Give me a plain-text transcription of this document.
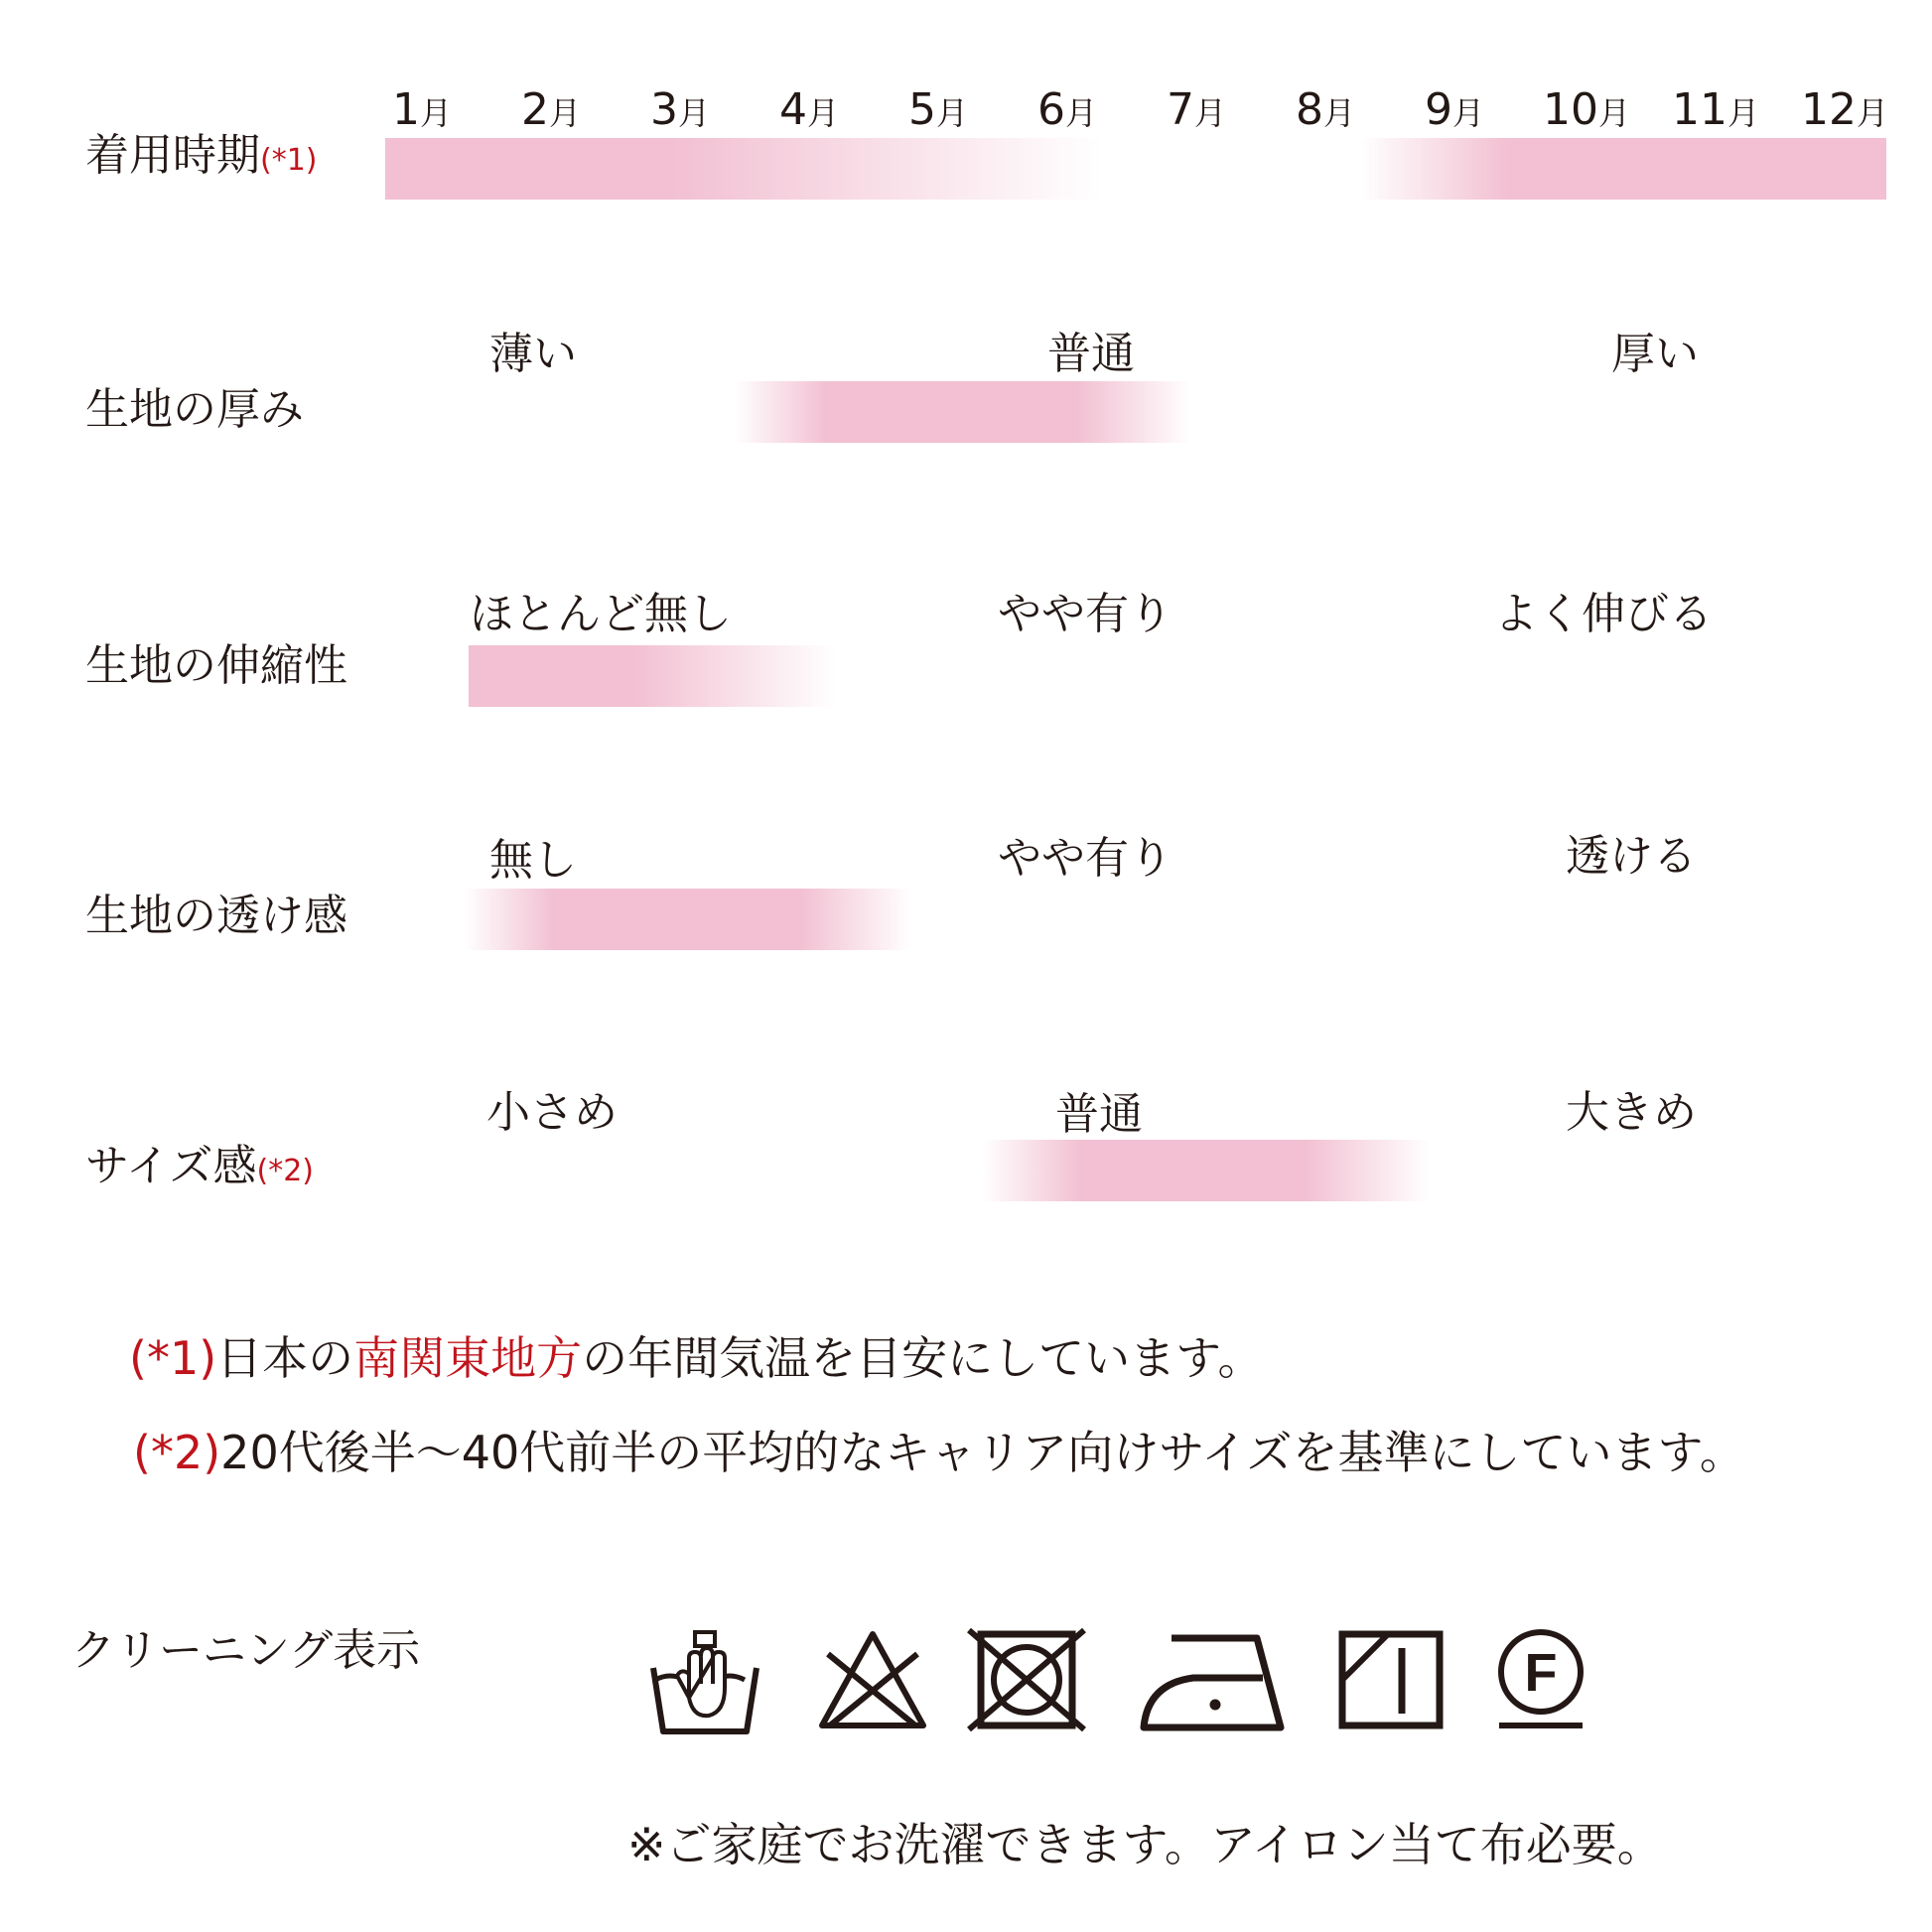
着用時期(*1)
1月	2月	3月	4月	5月	6月	7月	8月	9月	10月 11月 12月
生地の厚み
薄い	普通	厚い
生地の伸縮性
ほとんど無し	やや有り	よく伸びる
生地の透け感
無し	やや有り	透ける
サイズ感(*2)
小さめ	普通	大きめ
(*1)日本の南関東地方の年間気温を目安にしています。
(*2)20代後半～40代前半の平均的なキャリア向けサイズを基準にしています。
クリーニング表示	F
※ご家庭でお洗濯できます。アイロン当て布必要。
